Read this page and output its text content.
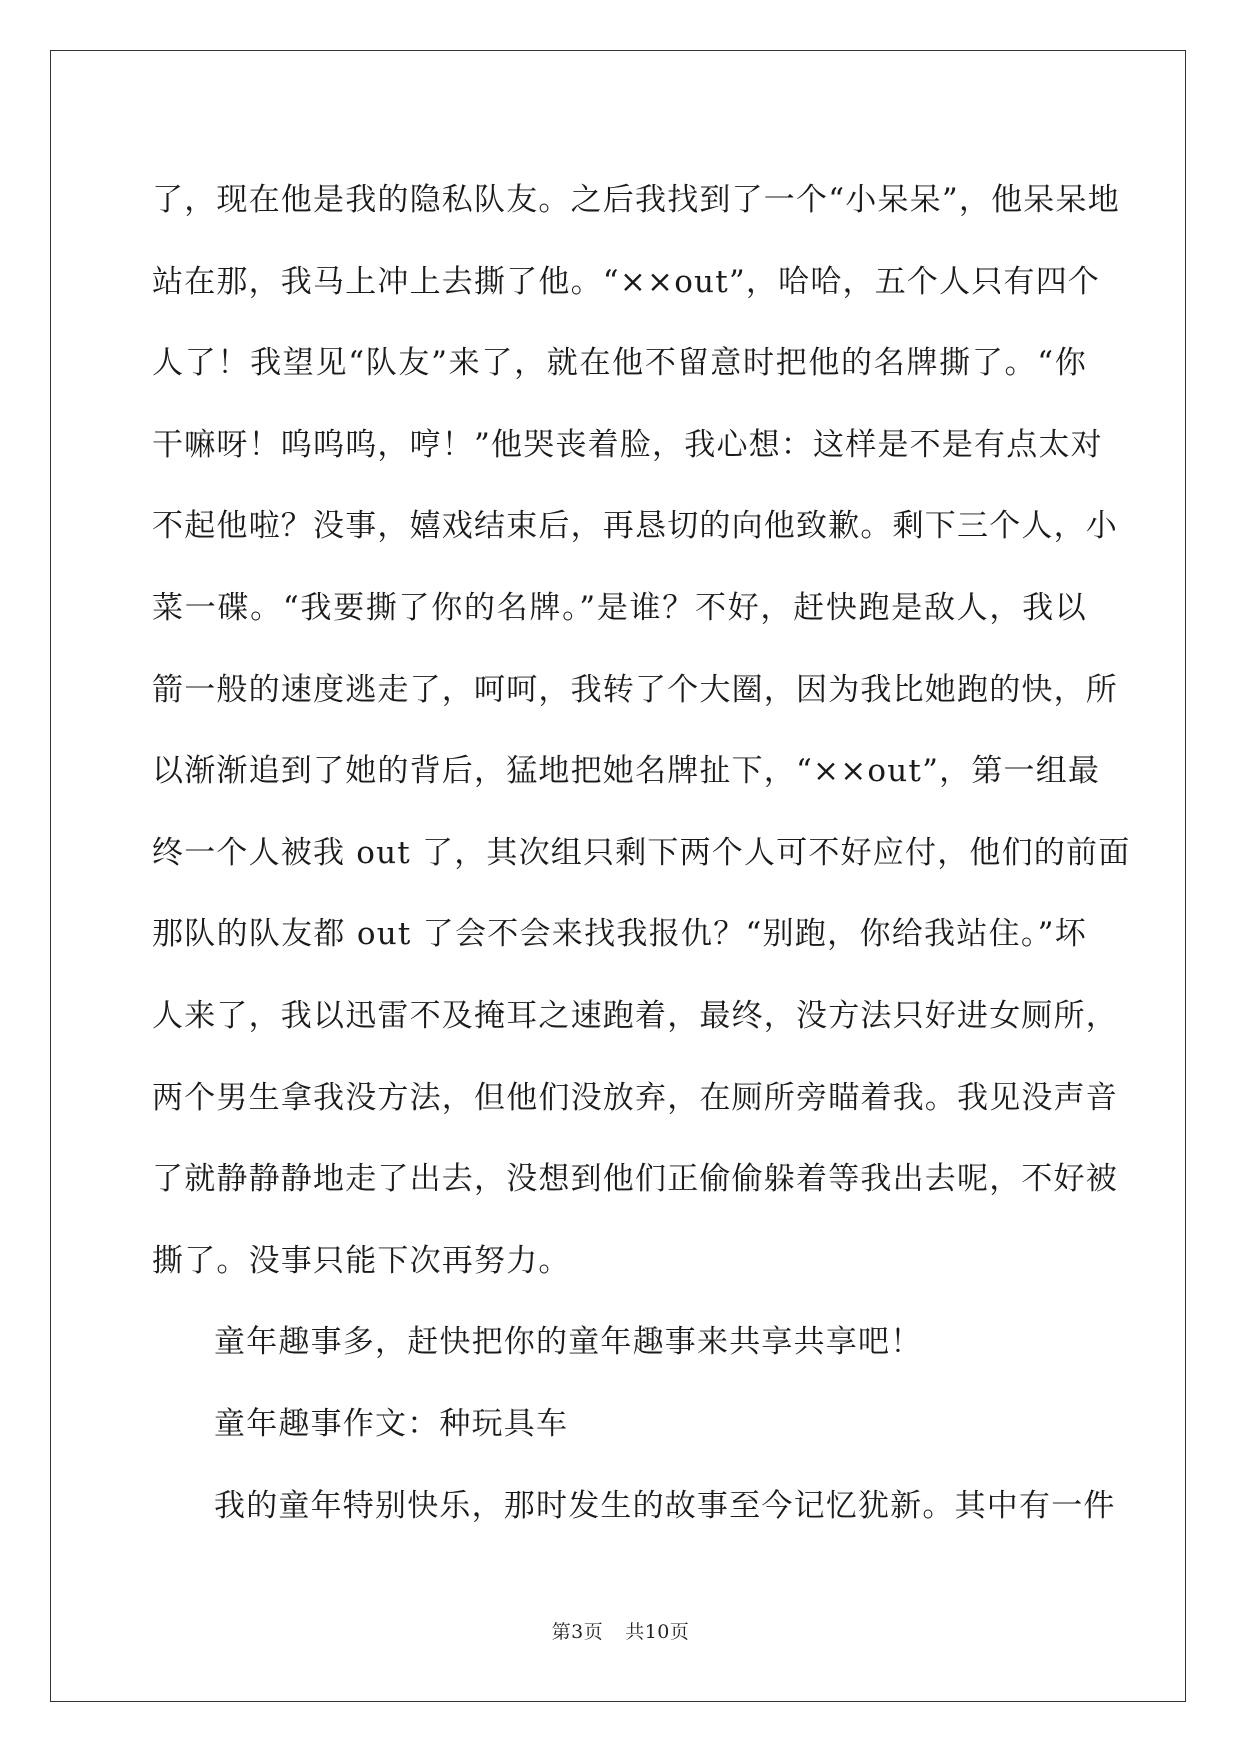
了，现在他是我的隐私队友。之后我找到了一个“小呆呆”，他呆呆地
站在那，我马上冲上去撕了他。“××out”，哈哈，五个人只有四个
人了！我望见“队友”来了，就在他不留意时把他的名牌撕了。“你
干嘛呀！呜呜呜，哼！”他哭丧着脸，我心想：这样是不是有点太对
不起他啦？没事，嬉戏结束后，再恳切的向他致歉。剩下三个人，小
菜一碟。“我要撕了你的名牌。”是谁？不好，赶快跑是敌人，我以
箭一般的速度逃走了，呵呵，我转了个大圈，因为我比她跑的快，所
以渐渐追到了她的背后，猛地把她名牌扯下，“××out”，第一组最
终一个人被我 out 了，其次组只剩下两个人可不好应付，他们的前面
那队的队友都 out 了会不会来找我报仇？“别跑，你给我站住。”坏
人来了，我以迅雷不及掩耳之速跑着，最终，没方法只好进女厕所，
两个男生拿我没方法，但他们没放弃，在厕所旁瞄着我。我见没声音
了就静静静地走了出去，没想到他们正偷偷躲着等我出去呢，不好被
撕了。没事只能下次再努力。
童年趣事多，赶快把你的童年趣事来共享共享吧！
童年趣事作文：种玩具车
我的童年特别快乐，那时发生的故事至今记忆犹新。其中有一件
第3页 共10页
